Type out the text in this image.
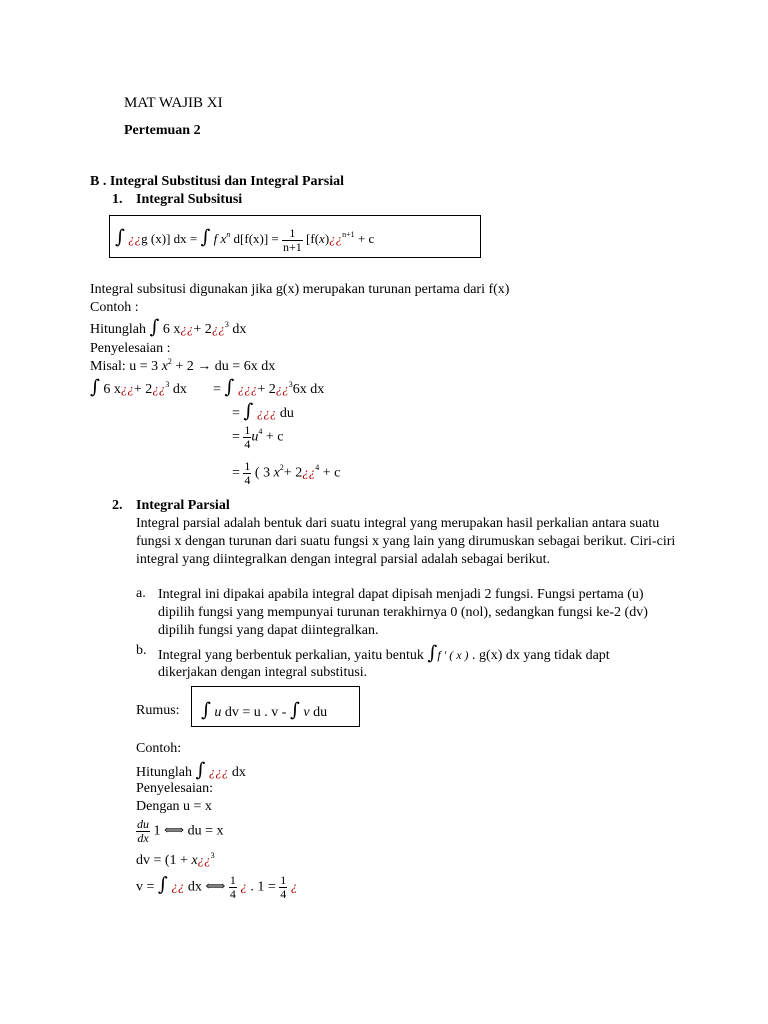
MAT WAJIB XI
Pertemuan 2
B . Integral Substitusi dan Integral Parsial
1. Integral Subsitusi
∫ ¿¿g (x)] dx = ∫ f $x^n$ $d[f(x)] = \frac{1}{n+1}$ [f(x)¿¿$^{n+1}$ + c
Integral subsitusi digunakan jika g(x) merupakan turunan pertama dari f(x)
Contoh :
Hitunglah ∫ 6 x¿¿+ 2¿¿$^3$ dx
Penyelesaian :
Misal: u = 3 $x^2 + 2$ → du = 6x dx
∫ 6 x¿¿+ 2¿¿$^3$ dx = ∫ ¿¿¿+ 2¿¿$^3$6x dx
= ∫ ¿¿¿ du
= $\frac{1}{4} u^4 + c$
= $\frac{1}{4}$ ( 3 $x^2+$ 2¿¿$^4$ + c
2. Integral Parsial

Integral parsial adalah bentuk dari suatu integral yang merupakan hasil perkalian antara suatu fungsi x dengan turunan dari suatu fungsi x yang lain yang dirumuskan sebagai berikut. Ciri-ciri integral yang diintegralkan dengan integral parsial adalah sebagai berikut.

a. Integral ini dipakai apabila integral dapat dipisah menjadi 2 fungsi. Fungsi pertama (u) dipilih fungsi yang mempunyai turunan terakhirnya 0 (nol), sedangkan fungsi ke-2 (dv) dipilih fungsi yang dapat diintegralkan.

b. Integral yang berbentuk perkalian, yaitu bentuk ∫f ' ( x ) . g(x) dx yang tidak dapt
dikerjakan dengan integral substitusi.
Rumus: ∫ u dv = u . v - ∫ v du
Contoh:
Hitunglah ∫ ¿¿¿ dx
Penyelesaian:
Dengan u = x
$\frac{du}{dx} 1$ ⟺ du = x
dv = (1 + x¿¿$^3$
v = ∫ ¿¿ dx ⟺ $\frac{1}{4}$ ¿ . $1 = \frac{1}{4}$ ¿
